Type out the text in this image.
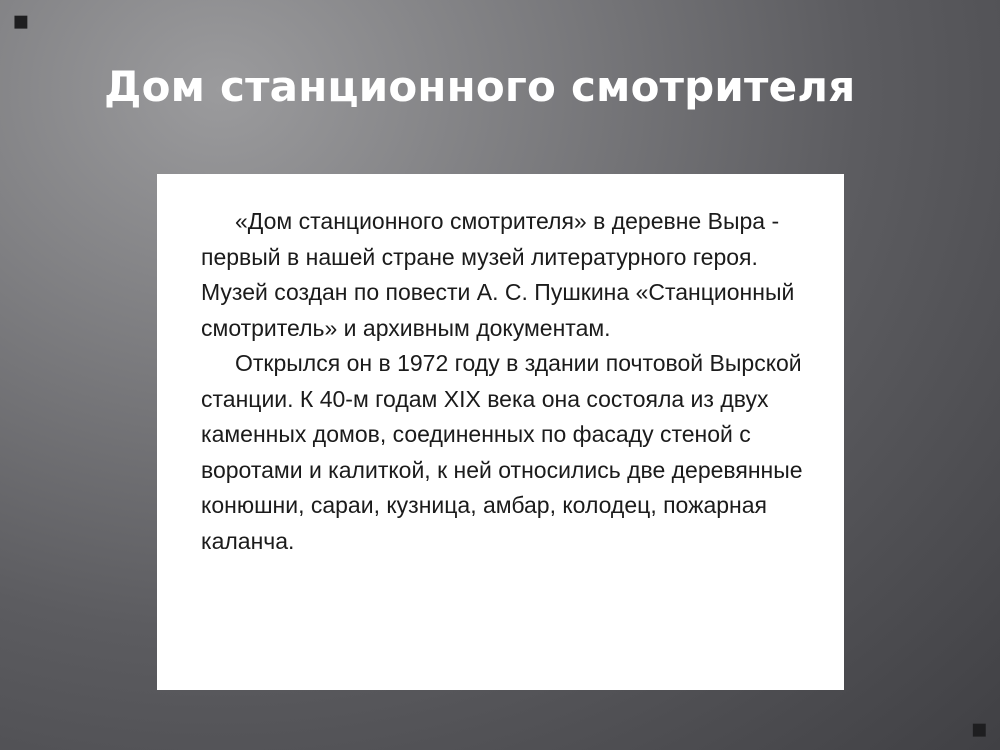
▪
Дом станционного смотрителя

«Дом станционного смотрителя» в деревне Выра - первый в нашей стране музей литературного героя. Музей создан по повести А. С. Пушкина «Станционный смотритель» и архивным документам.

Открылся он в 1972 году в здании почтовой Вырской станции. К 40-м годам XIX века она состояла из двух каменных домов, соединенных по фасаду стеной с воротами и калиткой, к ней относились две деревянные конюшни, сараи, кузница, амбар, колодец, пожарная каланча.

▪
